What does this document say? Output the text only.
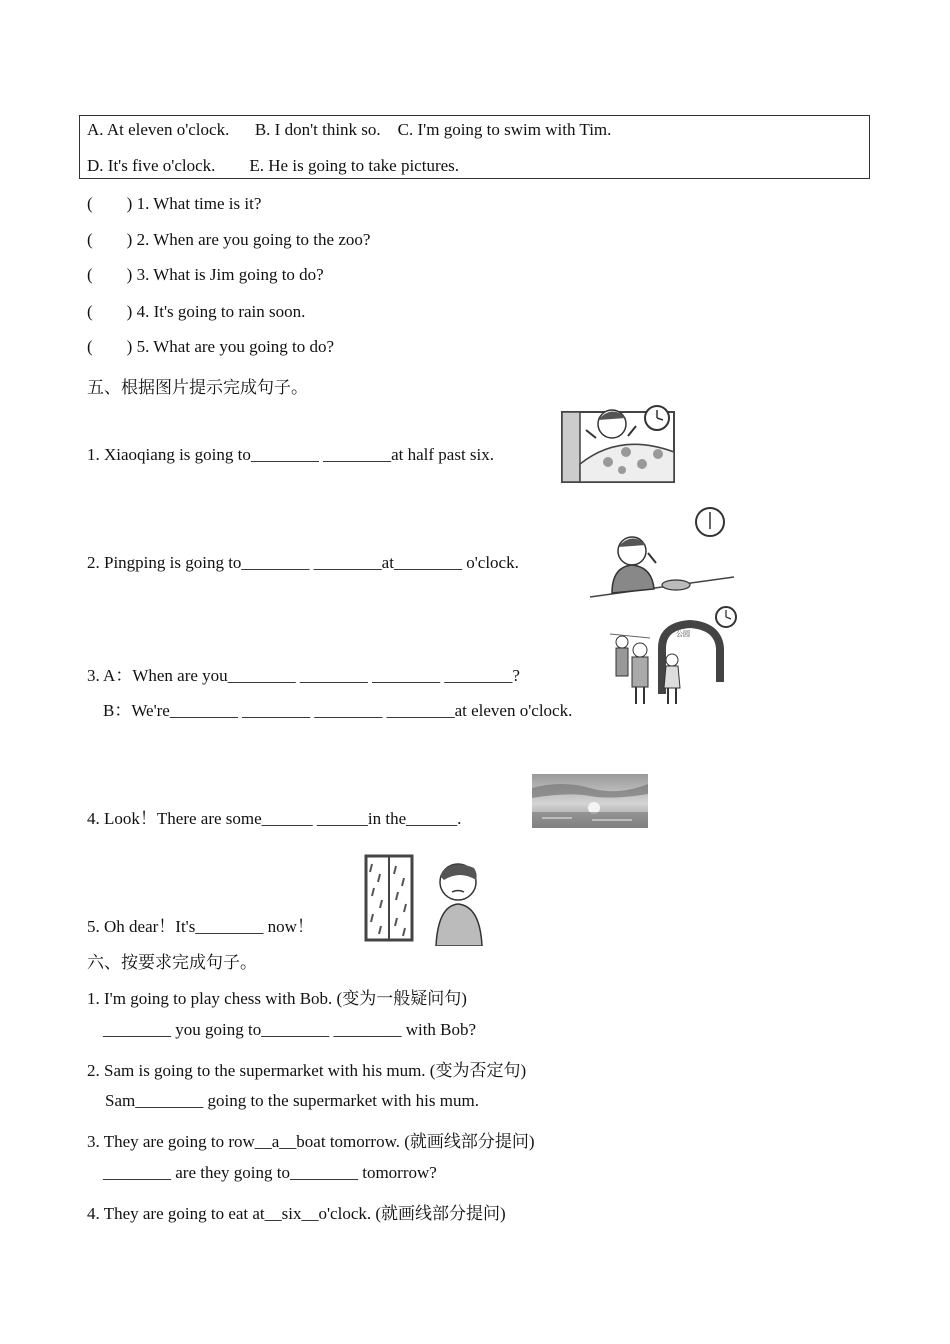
A. At eleven o'clock.      B. I don't think so.    C. I'm going to swim with Tim.
D. It's five o'clock.        E. He is going to take pictures.
(        ) 1. What time is it?
(        ) 2. When are you going to the zoo?
(        ) 3. What is Jim going to do?
(        ) 4. It's going to rain soon.
(        ) 5. What are you going to do?
五、根据图片提示完成句子。
1. Xiaoqiang is going to________ ________at half past six.
2. Pingping is going to________ ________at________ o'clock.
3. A：When are you________ ________ ________ ________?
B：We're________ ________ ________ ________at eleven o'clock.
公园
4. Look！There are some______ ______in the______.
5. Oh dear！It's________ now！
六、按要求完成句子。
1. I'm going to play chess with Bob. (变为一般疑问句)
________ you going to________ ________ with Bob?
2. Sam is going to the supermarket with his mum. (变为否定句)
Sam________ going to the supermarket with his mum.
3. They are going to row__a__boat tomorrow. (就画线部分提问)
________ are they going to________ tomorrow?
4. They are going to eat at__six__o'clock. (就画线部分提问)
